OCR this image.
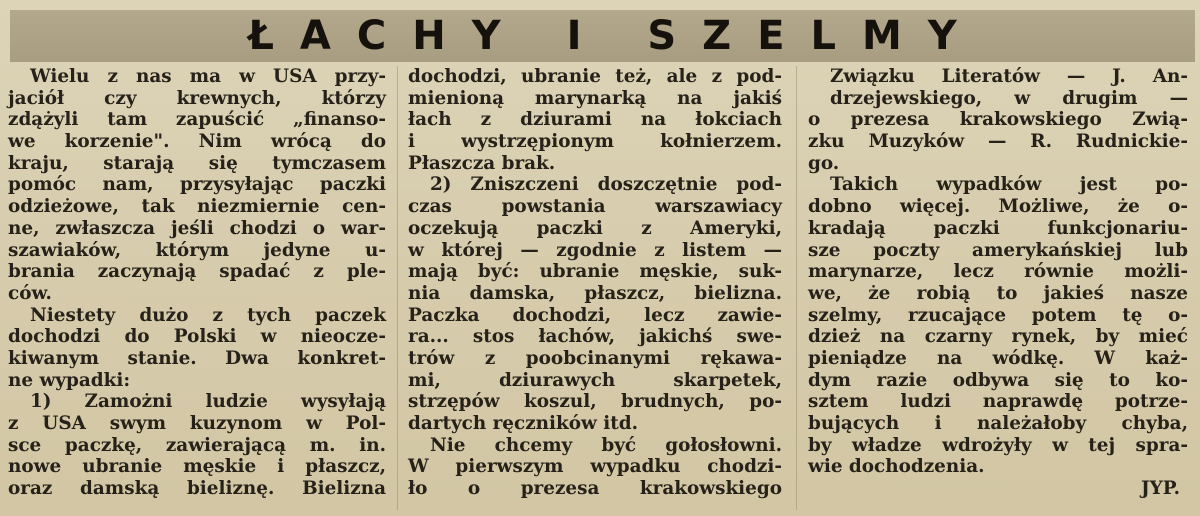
ŁACHY I SZELMY
Wielu z nas ma w USA przy-
jaciół czy krewnych, którzy
zdążyli tam zapuścić „finanso-
we korzenie". Nim wrócą do
kraju, starają się tymczasem
pomóc nam, przysyłając paczki
odzieżowe, tak niezmiernie cen-
ne, zwłaszcza jeśli chodzi o war-
szawiaków, którym jedyne u-
brania zaczynają spadać z ple-
ców.
Niestety dużo z tych paczek
dochodzi do Polski w nieocze-
kiwanym stanie. Dwa konkret-
ne wypadki:
1) Zamożni ludzie wysyłają
z USA swym kuzynom w Pol-
sce paczkę, zawierającą m. in.
nowe ubranie męskie i płaszcz,
oraz damską bieliznę. Bielizna
dochodzi, ubranie też, ale z pod-
mienioną marynarką na jakiś
łach z dziurami na łokciach
i wystrzępionym kołnierzem.
Płaszcza brak.
2) Zniszczeni doszczętnie pod-
czas powstania warszawiacy
oczekują paczki z Ameryki,
w której — zgodnie z listem —
mają być: ubranie męskie, suk-
nia damska, płaszcz, bielizna.
Paczka dochodzi, lecz zawie-
ra... stos łachów, jakichś swe-
trów z poobcinanymi rękawa-
mi, dziurawych skarpetek,
strzępów koszul, brudnych, po-
dartych ręczników itd.
Nie chcemy być gołosłowni.
W pierwszym wypadku chodzi-
ło o prezesa krakowskiego
Związku Literatów — J. An-
drzejewskiego, w drugim —
o prezesa krakowskiego Zwią-
zku Muzyków — R. Rudnickie-
go.
Takich wypadków jest po-
dobno więcej. Możliwe, że o-
kradają paczki funkcjonariu-
sze poczty amerykańskiej lub
marynarze, lecz równie możli-
we, że robią to jakieś nasze
szelmy, rzucające potem tę o-
dzież na czarny rynek, by mieć
pieniądze na wódkę. W każ-
dym razie odbywa się to ko-
sztem ludzi naprawdę potrze-
bujących i należałoby chyba,
by władze wdrożyły w tej spra-
wie dochodzenia.
JYP.
